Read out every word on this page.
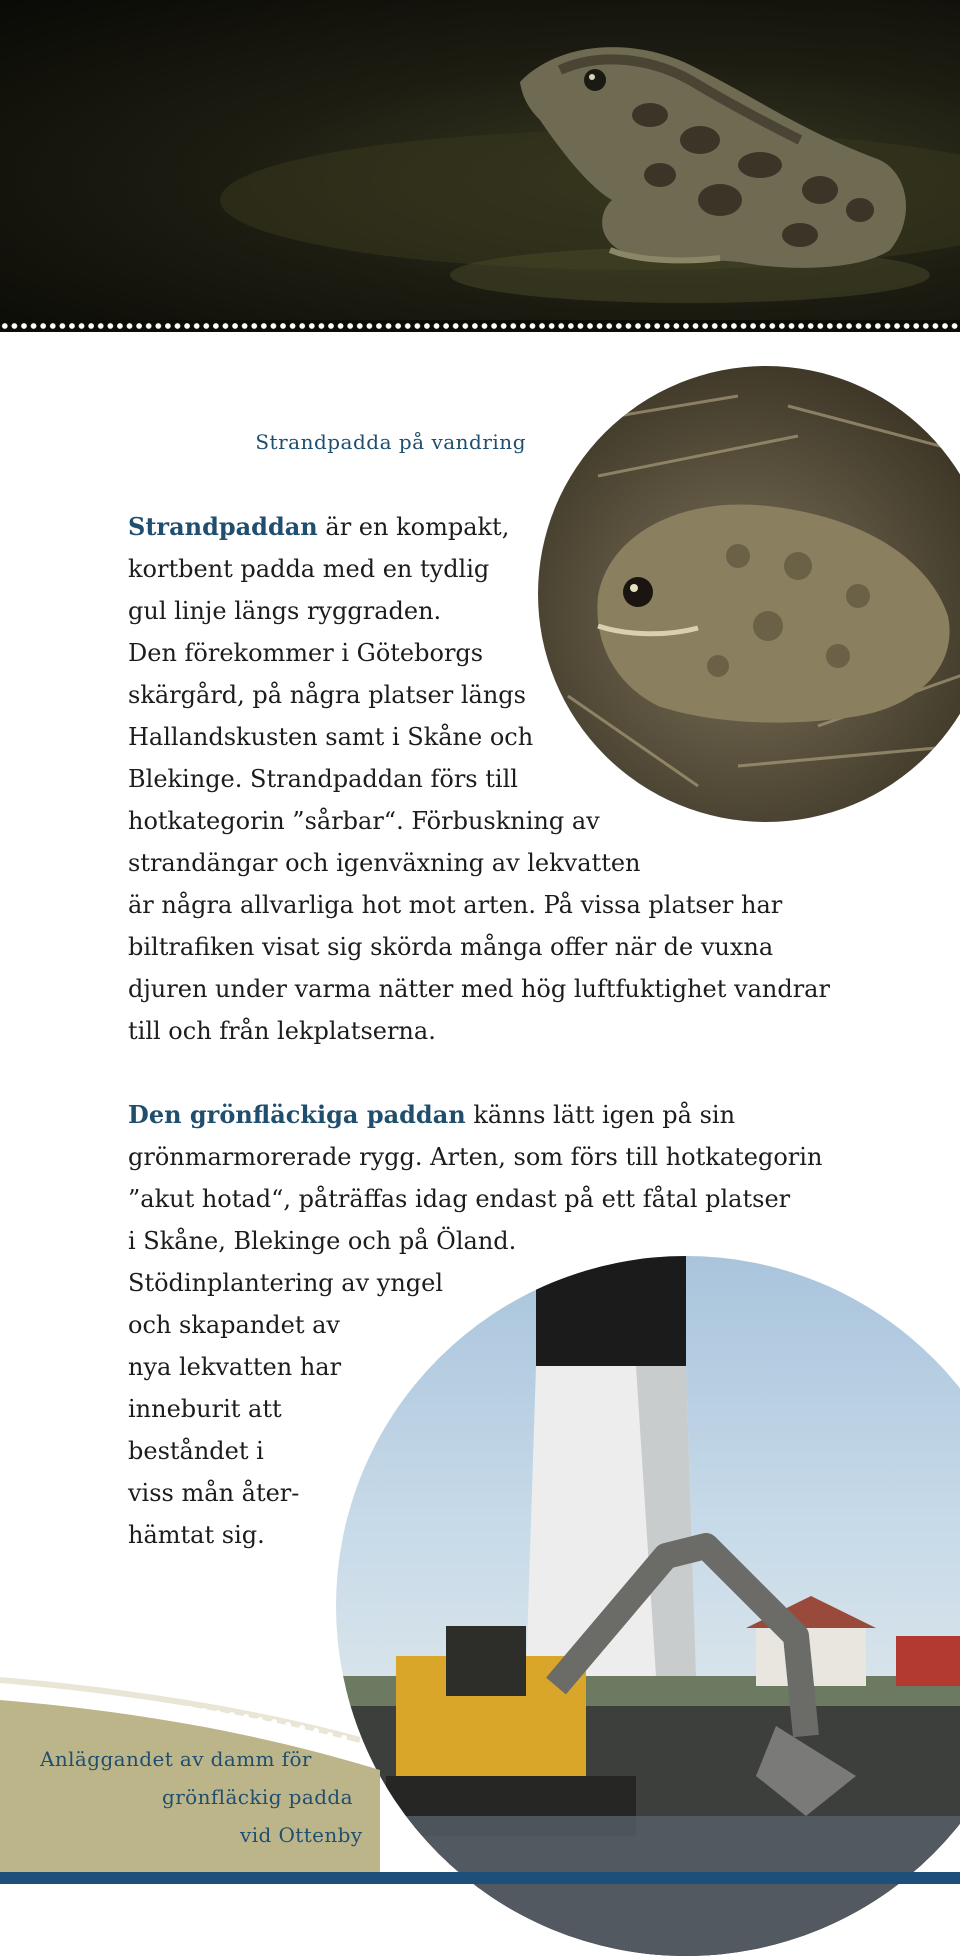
Strandpadda på vandring
Strandpaddan är en kompakt,
kortbent padda med en tydlig
gul linje längs ryggraden.
Den förekommer i Göteborgs
skärgård, på några platser längs
Hallandskusten samt i Skåne och
Blekinge. Strandpaddan förs till
hotkategorin ”sårbar“. Förbuskning av
strandängar och igenväxning av lekvatten
är några allvarliga hot mot arten. På vissa platser har
biltrafiken visat sig skörda många offer när de vuxna
djuren under varma nätter med hög luftfuktighet vandrar
till och från lekplatserna.
Den grönfläckiga paddan känns lätt igen på sin
grönmarmorerade rygg. Arten, som förs till hotkategorin
”akut hotad“, påträffas idag endast på ett fåtal platser
i Skåne, Blekinge och på Öland.
Stödinplantering av yngel
och skapandet av
nya lekvatten har
inneburit att
beståndet i
viss mån åter-
hämtat sig.
Anläggandet av damm för
grönfläckig padda
vid Ottenby
